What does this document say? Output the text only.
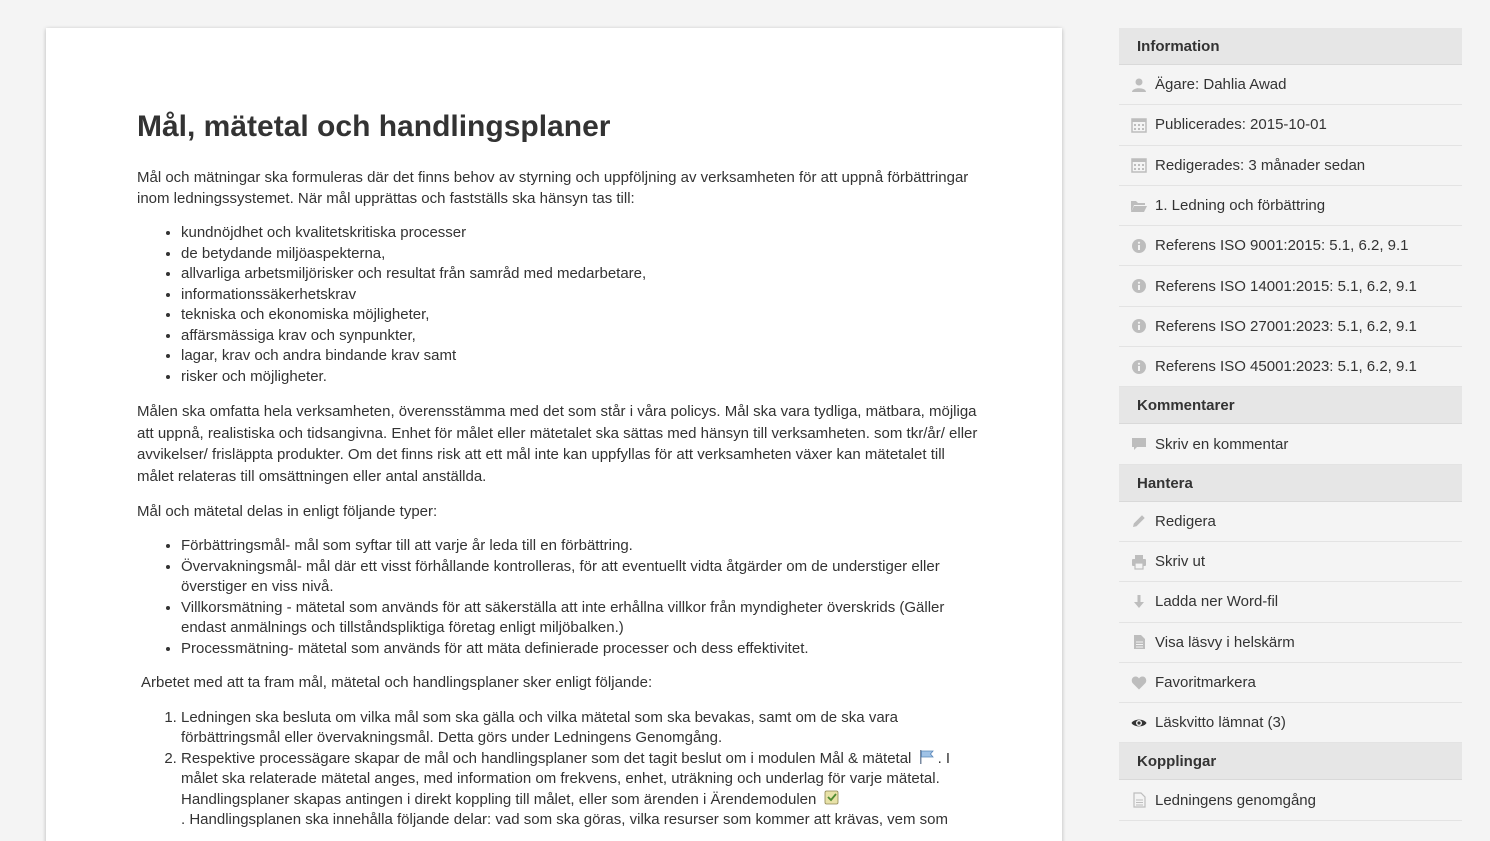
Mål, mätetal och handlingsplaner

Mål och mätningar ska formuleras där det finns behov av styrning och uppföljning av verksamheten för att uppnå förbättringar inom ledningssystemet. När mål upprättas och fastställs ska hänsyn tas till:

• kundnöjdhet och kvalitetskritiska processer
• de betydande miljöaspekterna,
• allvarliga arbetsmiljörisker och resultat från samråd med medarbetare,
• informationssäkerhetskrav
• tekniska och ekonomiska möjligheter,
• affärsmässiga krav och synpunkter,
• lagar, krav och andra bindande krav samt
• risker och möjligheter.

Målen ska omfatta hela verksamheten, överensstämma med det som står i våra policys. Mål ska vara tydliga, mätbara, möjliga att uppnå, realistiska och tidsangivna. Enhet för målet eller mätetalet ska sättas med hänsyn till verksamheten. som tkr/år/ eller avvikelser/ frisläppta produkter. Om det finns risk att ett mål inte kan uppfyllas för att verksamheten växer kan mätetalet till målet relateras till omsättningen eller antal anställda.

Mål och mätetal delas in enligt följande typer:

• Förbättringsmål- mål som syftar till att varje år leda till en förbättring.
• Övervakningsmål- mål där ett visst förhållande kontrolleras, för att eventuellt vidta åtgärder om de understiger eller överstiger en viss nivå.
• Villkorsmätning - mätetal som används för att säkerställa att inte erhållna villkor från myndigheter överskrids (Gäller endast anmälnings och tillståndspliktiga företag enligt miljöbalken.)
• Processmätning- mätetal som används för att mäta definierade processer och dess effektivitet.

Arbetet med att ta fram mål, mätetal och handlingsplaner sker enligt följande:

1. Ledningen ska besluta om vilka mål som ska gälla och vilka mätetal som ska bevakas, samt om de ska vara förbättringsmål eller övervakningsmål. Detta görs under Ledningens Genomgång.
2. Respektive processägare skapar de mål och handlingsplaner som det tagit beslut om i modulen Mål & mätetal . I målet ska relaterade mätetal anges, med information om frekvens, enhet, uträkning och underlag för varje mätetal. Handlingsplaner skapas antingen i direkt koppling till målet, eller som ärenden i Ärendemodulen
. Handlingsplanen ska innehålla följande delar: vad som ska göras, vilka resurser som kommer att krävas, vem som
Information
Ägare: Dahlia Awad
Publicerades: 2015-10-01
Redigerades: 3 månader sedan
1. Ledning och förbättring
Referens ISO 9001:2015: 5.1, 6.2, 9.1
Referens ISO 14001:2015: 5.1, 6.2, 9.1
Referens ISO 27001:2023: 5.1, 6.2, 9.1
Referens ISO 45001:2023: 5.1, 6.2, 9.1
Kommentarer
Skriv en kommentar
Hantera
Redigera
Skriv ut
Ladda ner Word-fil
Visa läsvy i helskärm
Favoritmarkera
Läskvitto lämnat (3)
Kopplingar
Ledningens genomgång
